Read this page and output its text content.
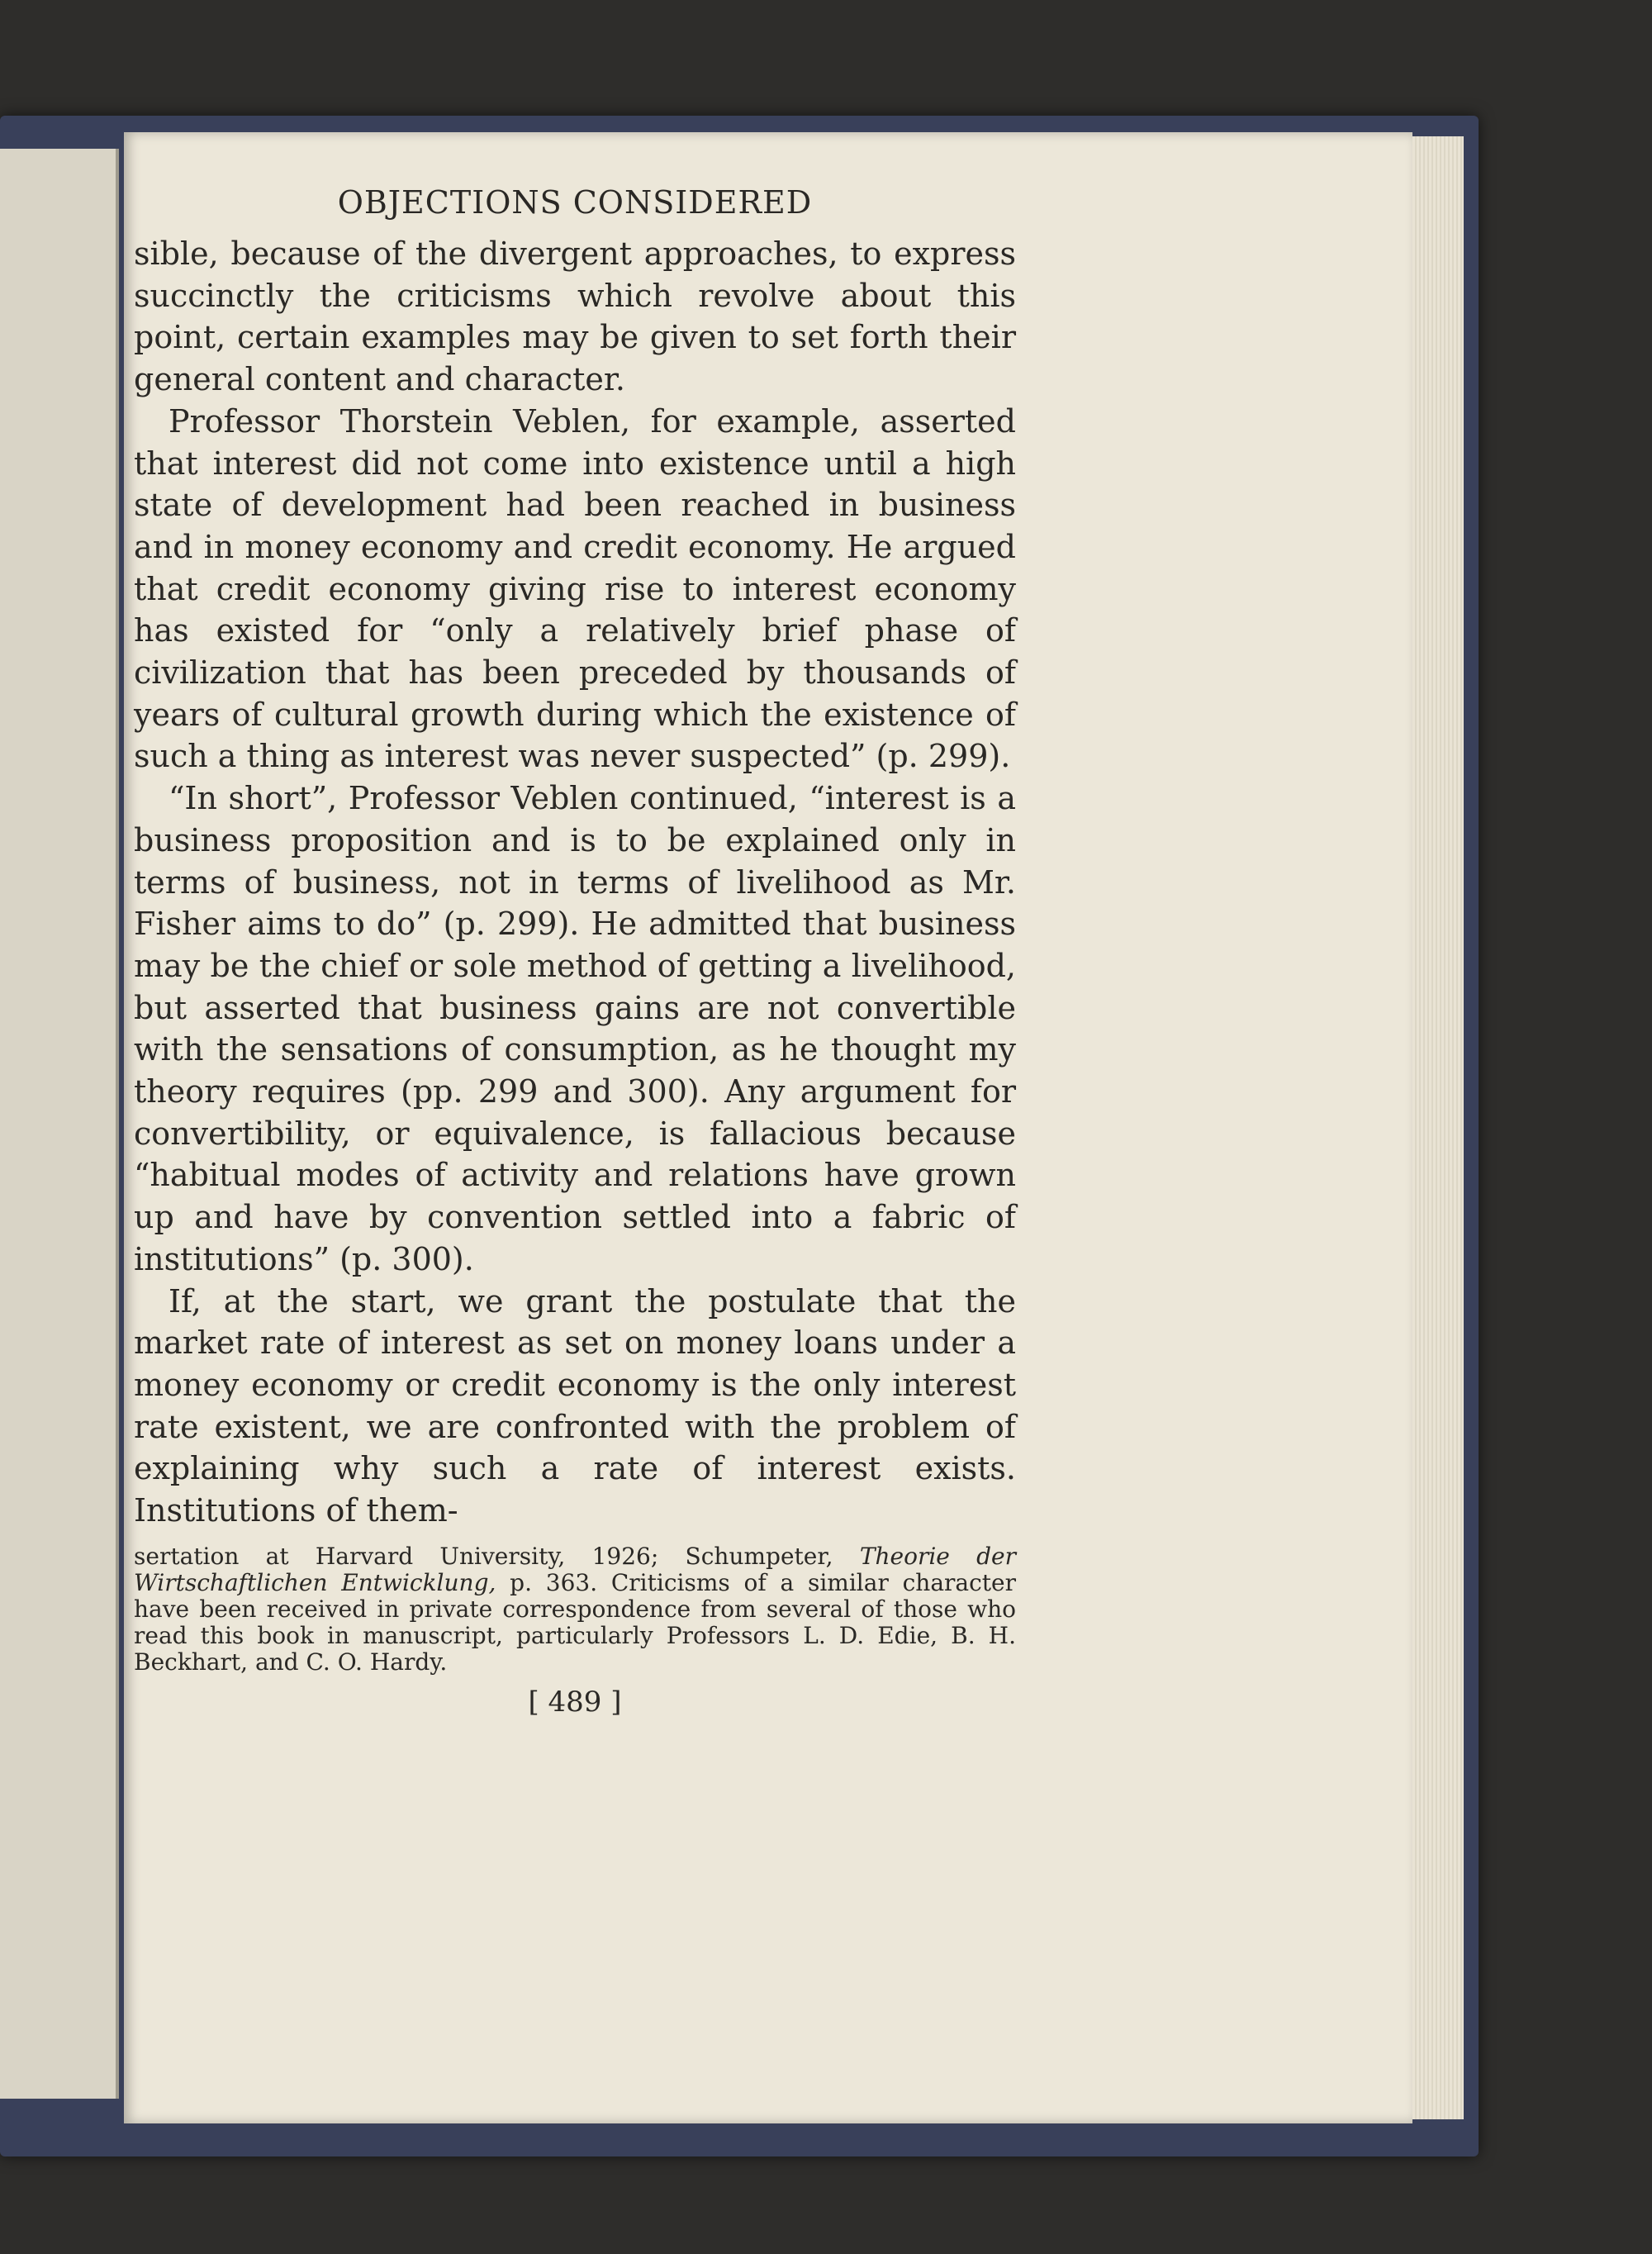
OBJECTIONS CONSIDERED

sible, because of the divergent approaches, to express succinctly the criticisms which revolve about this point, certain examples may be given to set forth their general content and character.

Professor Thorstein Veblen, for example, asserted that interest did not come into existence until a high state of development had been reached in business and in money economy and credit economy. He argued that credit economy giving rise to interest economy has existed for “only a relatively brief phase of civilization that has been preceded by thousands of years of cultural growth during which the existence of such a thing as interest was never suspected” (p. 299).

“In short”, Professor Veblen continued, “interest is a business proposition and is to be explained only in terms of business, not in terms of livelihood as Mr. Fisher aims to do” (p. 299). He admitted that business may be the chief or sole method of getting a livelihood, but asserted that business gains are not convertible with the sensations of consumption, as he thought my theory requires (pp. 299 and 300). Any argument for convertibility, or equivalence, is fallacious because “habitual modes of activity and relations have grown up and have by convention settled into a fabric of institutions” (p. 300).

If, at the start, we grant the postulate that the market rate of interest as set on money loans under a money economy or credit economy is the only interest rate existent, we are confronted with the problem of explaining why such a rate of interest exists. Institutions of them-

sertation at Harvard University, 1926; Schumpeter, Theorie der Wirtschaftlichen Entwicklung, p. 363. Criticisms of a similar character have been received in private correspondence from several of those who read this book in manuscript, particularly Professors L. D. Edie, B. H. Beckhart, and C. O. Hardy.

[ 489 ]
